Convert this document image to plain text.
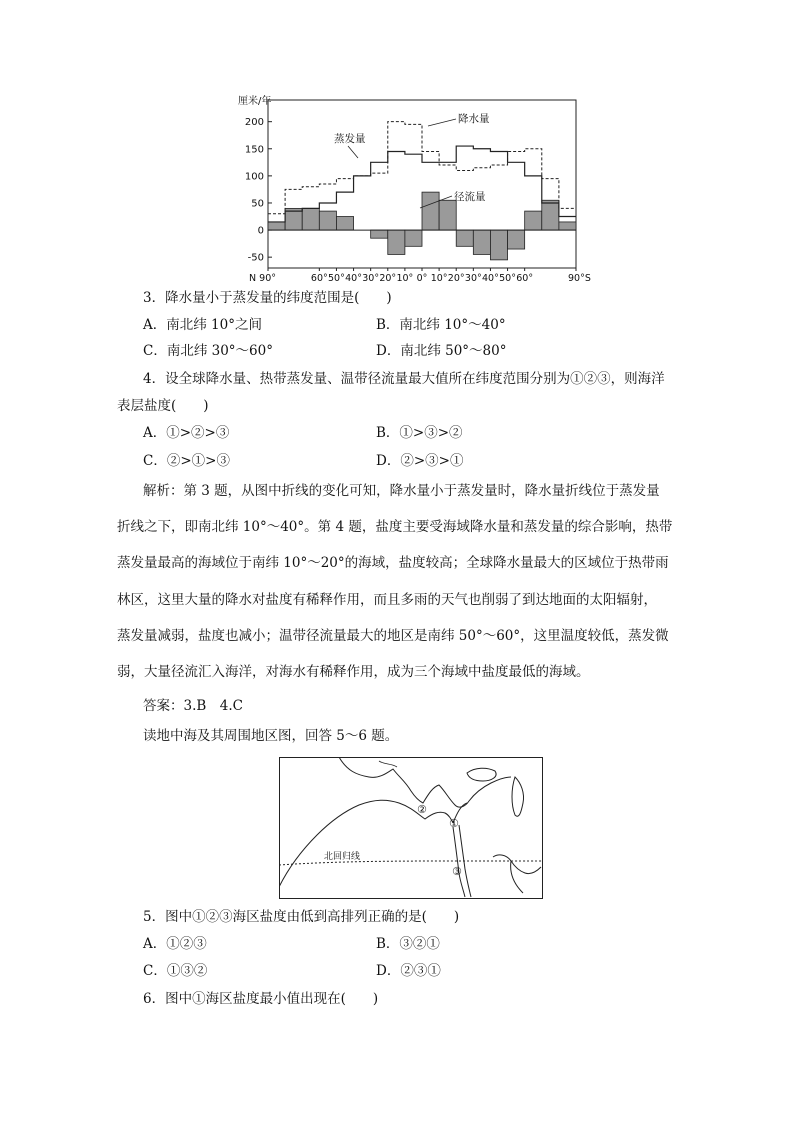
200
150
100
50
0
-50
厘米/年
N 90°	60° 50° 40° 30° 20° 10° 0° 10° 20° 30° 40° 50° 60°	90°S
降水量
蒸发量
径流量
3．降水量小于蒸发量的纬度范围是(　　)
A．南北纬 10°之间	B．南北纬 10°～40°
C．南北纬 30°～60°	D．南北纬 50°～80°
4．设全球降水量、热带蒸发量、温带径流量最大值所在纬度范围分别为①②③，则海洋
表层盐度(　　)
A．①>②>③	B．①>③>②
C．②>①>③	D．②>③>①
解析：第 3 题，从图中折线的变化可知，降水量小于蒸发量时，降水量折线位于蒸发量
折线之下，即南北纬 10°～40°。第 4 题，盐度主要受海域降水量和蒸发量的综合影响，热带
蒸发量最高的海域位于南纬 10°～20°的海域，盐度较高；全球降水量最大的区域位于热带雨
林区，这里大量的降水对盐度有稀释作用，而且多雨的天气也削弱了到达地面的太阳辐射，
蒸发量减弱，盐度也减小；温带径流量最大的地区是南纬 50°～60°，这里温度较低，蒸发微
弱，大量径流汇入海洋，对海水有稀释作用，成为三个海域中盐度最低的海域。
答案：3.B　4.C
读地中海及其周围地区图，回答 5～6 题。
北回归线
②
①
③
5．图中①②③海区盐度由低到高排列正确的是(　　)
A．①②③	B．③②①
C．①③②	D．②③①
6．图中①海区盐度最小值出现在(　　)
